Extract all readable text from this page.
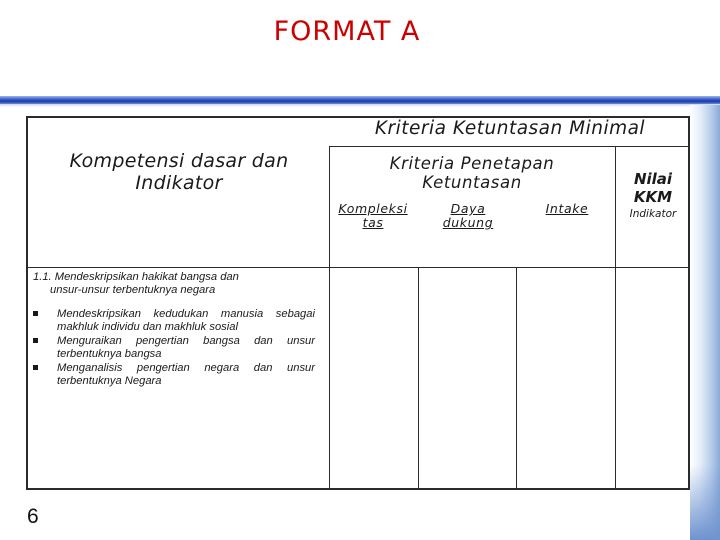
FORMAT A
Kriteria Ketuntasan Minimal
Kompetensi dasar dan
Indikator
Kriteria Penetapan
Ketuntasan
Kompleksi
tas
Daya
dukung
Intake
Nilai
KKM
Indikator

1.1. Mendeskripsikan hakikat bangsa dan
unsur-unsur terbentuknya negara

Mendeskripsikan kedudukan manusia sebagai makhluk individu dan makhluk sosial
Menguraikan pengertian bangsa dan unsur terbentuknya bangsa
Menganalisis pengertian negara dan unsur terbentuknya Negara
6
